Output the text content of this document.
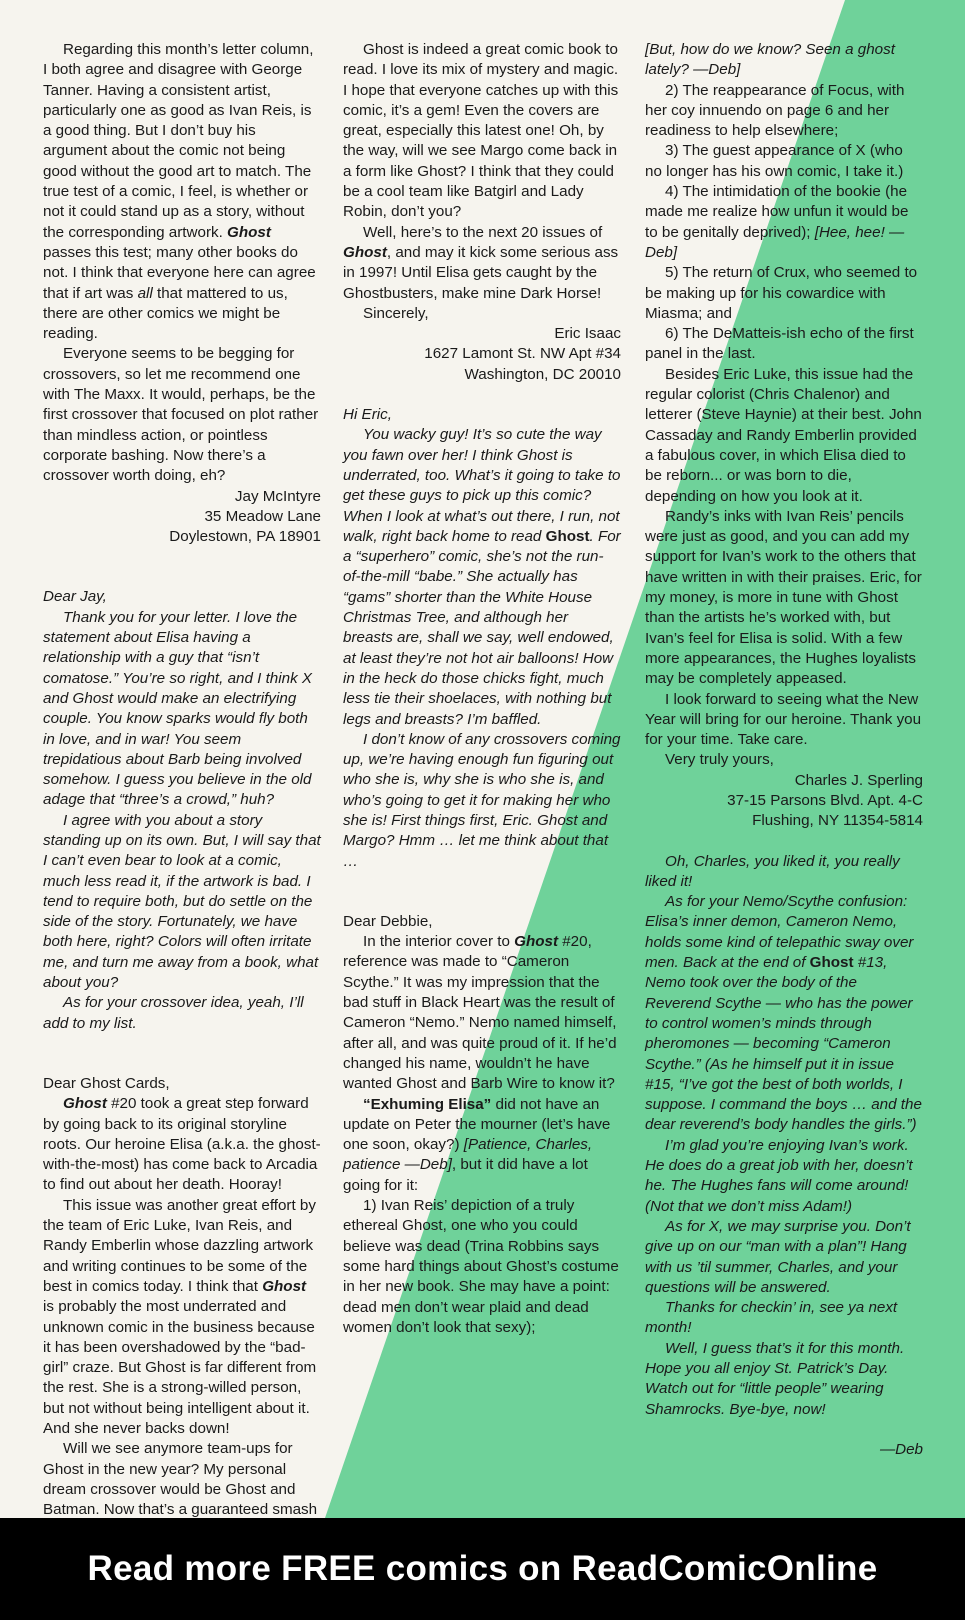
Regarding this month’s letter column, I both agree and disagree with George Tanner. Having a consistent artist, particularly one as good as Ivan Reis, is a good thing. But I don’t buy his argument about the comic not being good without the good art to match. The true test of a comic, I feel, is whether or not it could stand up as a story, without the corresponding artwork. Ghost passes this test; many other books do not. I think that everyone here can agree that if art was all that mattered to us, there are other comics we might be reading.

Everyone seems to be begging for crossovers, so let me recommend one with The Maxx. It would, perhaps, be the first crossover that focused on plot rather than mindless action, or pointless corporate bashing. Now there’s a crossover worth doing, eh?

Jay McIntyre

35 Meadow Lane

Doylestown, PA 18901

Dear Jay,

Thank you for your letter. I love the statement about Elisa having a relationship with a guy that “isn’t comatose.” You’re so right, and I think X and Ghost would make an electrifying couple. You know sparks would fly both in love, and in war! You seem trepidatious about Barb being involved somehow. I guess you believe in the old adage that “three’s a crowd,” huh?

I agree with you about a story standing up on its own. But, I will say that I can’t even bear to look at a comic, much less read it, if the artwork is bad. I tend to require both, but do settle on the side of the story. Fortunately, we have both here, right? Colors will often irritate me, and turn me away from a book, what about you?

As for your crossover idea, yeah, I’ll add to my list.

Dear Ghost Cards,

Ghost #20 took a great step forward by going back to its original storyline roots. Our heroine Elisa (a.k.a. the ghost-with-the-most) has come back to Arcadia to find out about her death. Hooray!

This issue was another great effort by the team of Eric Luke, Ivan Reis, and Randy Emberlin whose dazzling artwork and writing continues to be some of the best in comics today. I think that Ghost is probably the most underrated and unknown comic in the business because it has been overshadowed by the “bad-girl” craze. But Ghost is far different from the rest. She is a strong-willed person, but not without being intelligent about it. And she never backs down!

Will we see anymore team-ups for Ghost in the new year? My personal dream crossover would be Ghost and Batman. Now that’s a guaranteed smash

Ghost is indeed a great comic book to read. I love its mix of mystery and magic. I hope that everyone catches up with this comic, it’s a gem! Even the covers are great, especially this latest one! Oh, by the way, will we see Margo come back in a form like Ghost? I think that they could be a cool team like Batgirl and Lady Robin, don’t you?

Well, here’s to the next 20 issues of Ghost, and may it kick some serious ass in 1997! Until Elisa gets caught by the Ghostbusters, make mine Dark Horse!

Sincerely,

Eric Isaac

1627 Lamont St. NW Apt #34

Washington, DC 20010

Hi Eric,

You wacky guy! It’s so cute the way you fawn over her! I think Ghost is underrated, too. What’s it going to take to get these guys to pick up this comic? When I look at what’s out there, I run, not walk, right back home to read Ghost. For a “superhero” comic, she’s not the run-of-the-mill “babe.” She actually has “gams” shorter than the White House Christmas Tree, and although her breasts are, shall we say, well endowed, at least they’re not hot air balloons! How in the heck do those chicks fight, much less tie their shoelaces, with nothing but legs and breasts? I’m baffled.

I don’t know of any crossovers coming up, we’re having enough fun figuring out who she is, why she is who she is, and who’s going to get it for making her who she is! First things first, Eric. Ghost and Margo? Hmm … let me think about that …

Dear Debbie,

In the interior cover to Ghost #20, reference was made to “Cameron Scythe.” It was my impression that the bad stuff in Black Heart was the result of Cameron “Nemo.” Nemo named himself, after all, and was quite proud of it. If he’d changed his name, wouldn’t he have wanted Ghost and Barb Wire to know it?

“Exhuming Elisa” did not have an update on Peter the mourner (let’s have one soon, okay?) [Patience, Charles, patience —Deb], but it did have a lot going for it:

1) Ivan Reis’ depiction of a truly ethereal Ghost, one who you could believe was dead (Trina Robbins says some hard things about Ghost’s costume in her new book. She may have a point: dead men don’t wear plaid and dead women don’t look that sexy);

[But, how do we know? Seen a ghost lately? —Deb]

2) The reappearance of Focus, with her coy innuendo on page 6 and her readiness to help elsewhere;

3) The guest appearance of X (who no longer has his own comic, I take it.)

4) The intimidation of the bookie (he made me realize how unfun it would be to be genitally deprived); [Hee, hee! —Deb]

5) The return of Crux, who seemed to be making up for his cowardice with Miasma; and

6) The DeMatteis-ish echo of the first panel in the last.

Besides Eric Luke, this issue had the regular colorist (Chris Chalenor) and letterer (Steve Haynie) at their best. John Cassaday and Randy Emberlin provided a fabulous cover, in which Elisa died to be reborn... or was born to die, depending on how you look at it.

Randy’s inks with Ivan Reis’ pencils were just as good, and you can add my support for Ivan’s work to the others that have written in with their praises. Eric, for my money, is more in tune with Ghost than the artists he’s worked with, but Ivan’s feel for Elisa is solid. With a few more appearances, the Hughes loyalists may be completely appeased.

I look forward to seeing what the New Year will bring for our heroine. Thank you for your time. Take care.

Very truly yours,

Charles J. Sperling

37-15 Parsons Blvd. Apt. 4-C

Flushing, NY 11354-5814

Oh, Charles, you liked it, you really liked it!

As for your Nemo/Scythe confusion: Elisa’s inner demon, Cameron Nemo, holds some kind of telepathic sway over men. Back at the end of Ghost #13, Nemo took over the body of the Reverend Scythe — who has the power to control women’s minds through pheromones — becoming “Cameron Scythe.” (As he himself put it in issue #15, “I’ve got the best of both worlds, I suppose. I command the boys … and the dear reverend’s body handles the girls.”)

I’m glad you’re enjoying Ivan’s work. He does do a great job with her, doesn’t he. The Hughes fans will come around! (Not that we don’t miss Adam!)

As for X, we may surprise you. Don’t give up on our “man with a plan”! Hang with us ’til summer, Charles, and your questions will be answered.

Thanks for checkin’ in, see ya next month!

Well, I guess that’s it for this month. Hope you all enjoy St. Patrick’s Day. Watch out for “little people” wearing Shamrocks. Bye-bye, now!

—Deb

Read more FREE comics on ReadComicOnline
